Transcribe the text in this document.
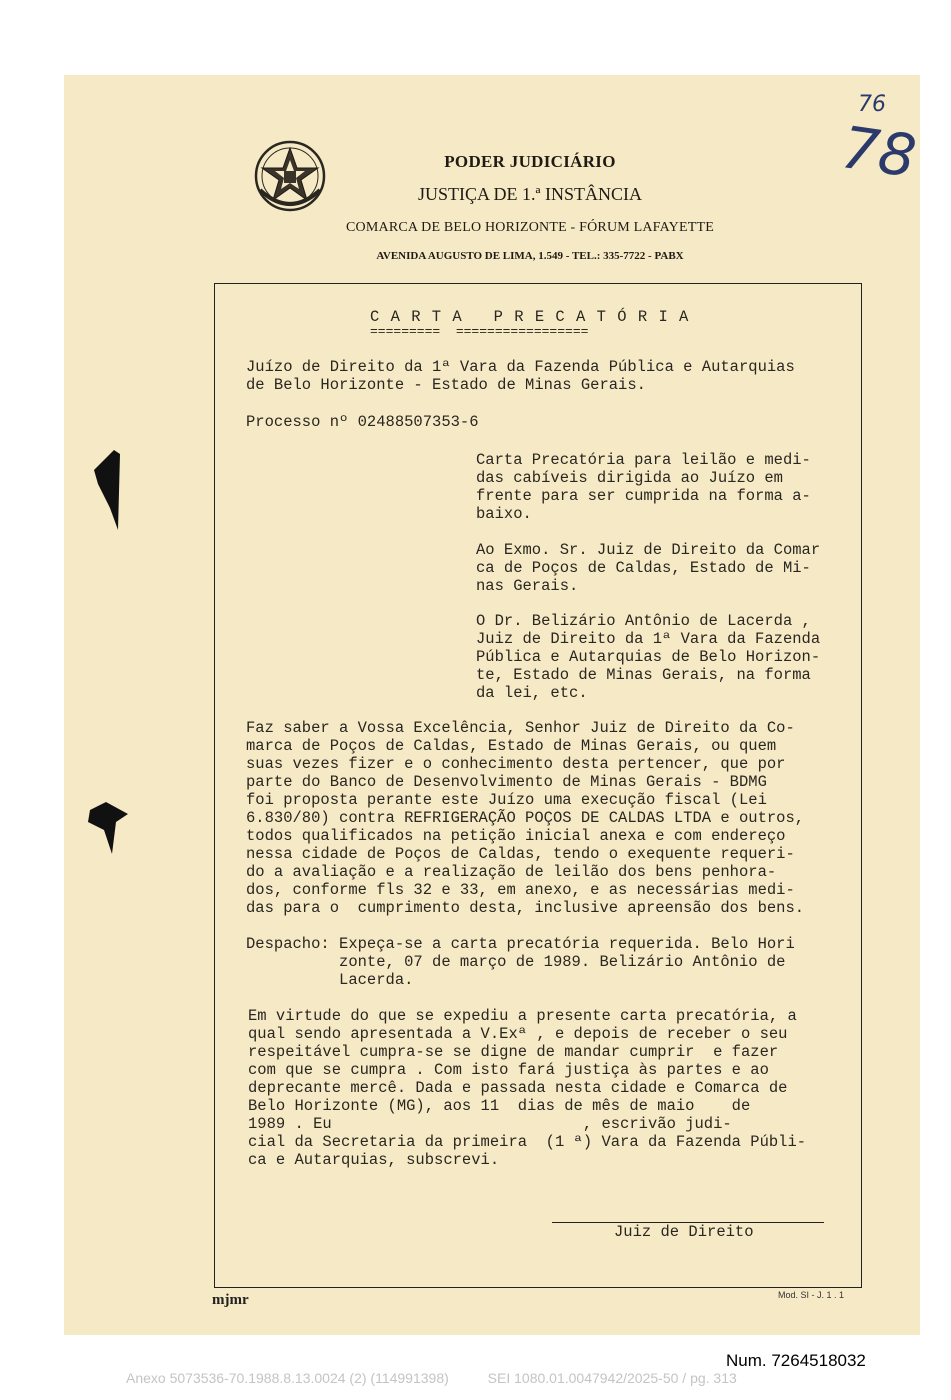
PODER JUDICIÁRIO
JUSTIÇA DE 1.ª INSTÂNCIA
COMARCA DE BELO HORIZONTE - FÓRUM LAFAYETTE
AVENIDA AUGUSTO DE LIMA, 1.549 - TEL.: 335-7722 - PABX
76
78
C A R T A   P R E C A T Ó R I A
=========  =================
Juízo de Direito da 1ª Vara da Fazenda Pública e Autarquias
de Belo Horizonte - Estado de Minas Gerais.
Processo nº 02488507353-6
Carta Precatória para leilão e medi-
das cabíveis dirigida ao Juízo em
frente para ser cumprida na forma a-
baixo.
Ao Exmo. Sr. Juiz de Direito da Comar
ca de Poços de Caldas, Estado de Mi-
nas Gerais.
O Dr. Belizário Antônio de Lacerda ,
Juiz de Direito da 1ª Vara da Fazenda
Pública e Autarquias de Belo Horizon-
te, Estado de Minas Gerais, na forma
da lei, etc.
Faz saber a Vossa Excelência, Senhor Juiz de Direito da Co-
marca de Poços de Caldas, Estado de Minas Gerais, ou quem
suas vezes fizer e o conhecimento desta pertencer, que por
parte do Banco de Desenvolvimento de Minas Gerais - BDMG
foi proposta perante este Juízo uma execução fiscal (Lei
6.830/80) contra REFRIGERAÇÃO POÇOS DE CALDAS LTDA e outros,
todos qualificados na petição inicial anexa e com endereço
nessa cidade de Poços de Caldas, tendo o exequente requeri-
do a avaliação e a realização de leilão dos bens penhora-
dos, conforme fls 32 e 33, em anexo, e as necessárias medi-
das para o  cumprimento desta, inclusive apreensão dos bens.
Despacho: Expeça-se a carta precatória requerida. Belo Hori
zonte, 07 de março de 1989. Belizário Antônio de
Lacerda.
Em virtude do que se expediu a presente carta precatória, a
qual sendo apresentada a V.Exª , e depois de receber o seu
respeitável cumpra-se se digne de mandar cumprir  e fazer
com que se cumpra . Com isto fará justiça às partes e ao
deprecante mercê. Dada e passada nesta cidade e Comarca de
Belo Horizonte (MG), aos 11  dias de mês de maio    de
1989 . Eu                           , escrivão judi-
cial da Secretaria da primeira  (1 ª) Vara da Fazenda Públi-
ca e Autarquias, subscrevi.
Juiz de Direito
mjmr	Mod. SI - J. 1 . 1
Num. 7264518032
Anexo 5073536-70.1988.8.13.0024 (2) (114991398)          SEI 1080.01.0047942/2025-50 / pg. 313
